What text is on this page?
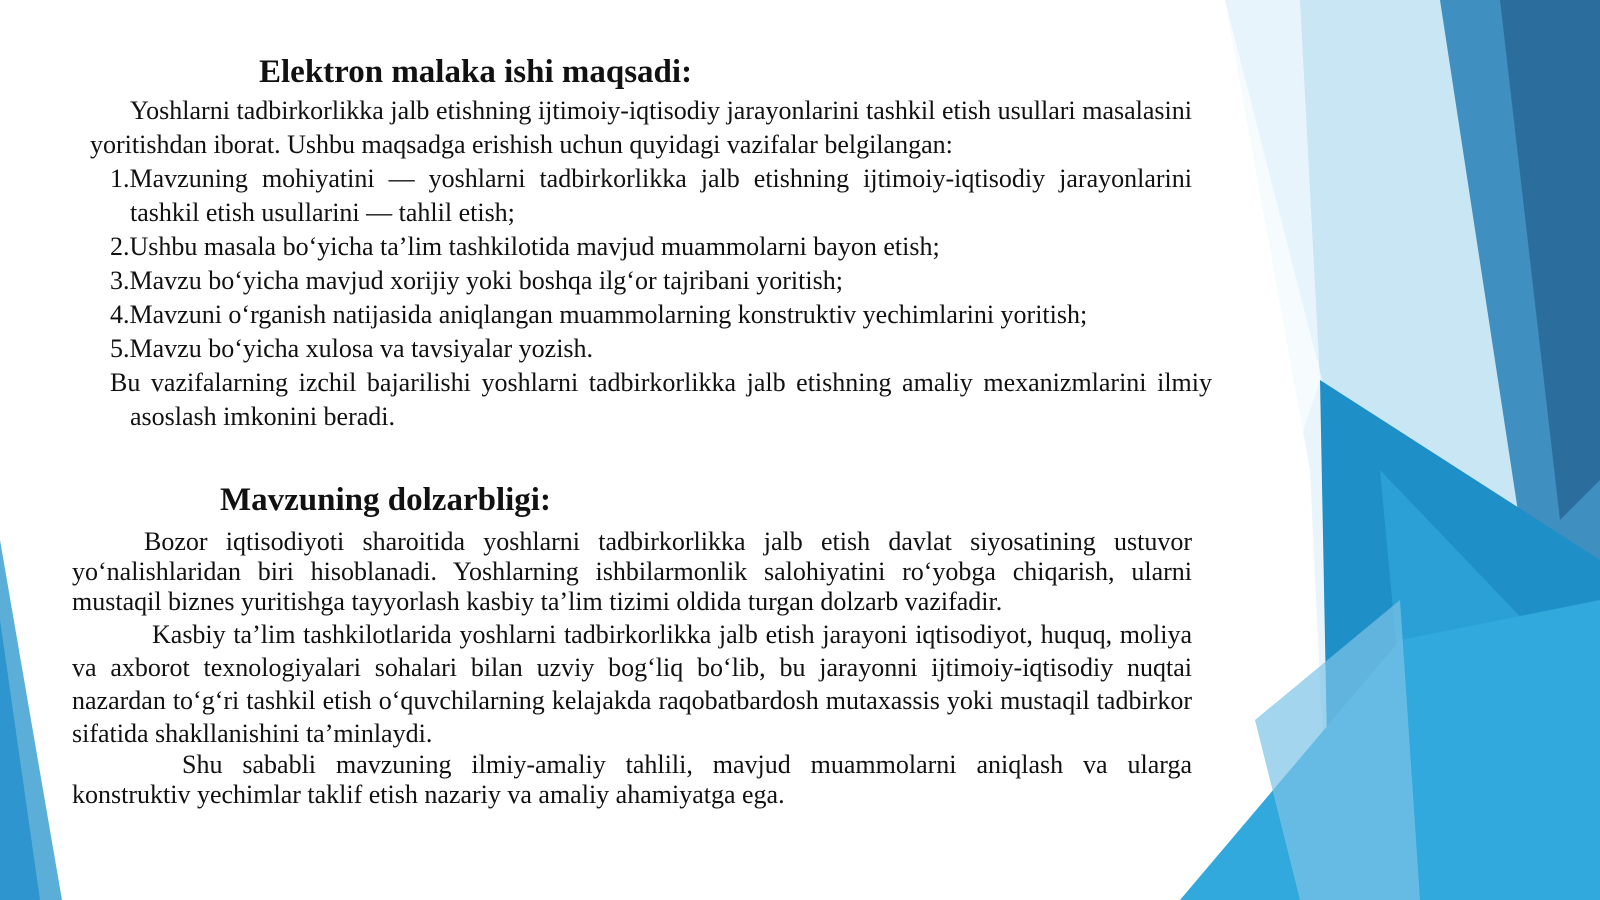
Elektron malaka ishi maqsadi:

Yoshlarni tadbirkorlikka jalb etishning ijtimoiy-iqtisodiy jarayonlarini tashkil etish usullari masalasini yoritishdan iborat. Ushbu maqsadga erishish uchun quyidagi vazifalar belgilangan:

1.Mavzuning mohiyatini — yoshlarni tadbirkorlikka jalb etishning ijtimoiy-iqtisodiy jarayonlarini tashkil etish usullarini — tahlil etish;
2.Ushbu masala bo‘yicha ta’lim tashkilotida mavjud muammolarni bayon etish;
3.Mavzu bo‘yicha mavjud xorijiy yoki boshqa ilg‘or tajribani yoritish;
4.Mavzuni o‘rganish natijasida aniqlangan muammolarning konstruktiv yechimlarini yoritish;
5.Mavzu bo‘yicha xulosa va tavsiyalar yozish.

Bu vazifalarning izchil bajarilishi yoshlarni tadbirkorlikka jalb etishning amaliy mexanizmlarini ilmiy asoslash imkonini beradi.

Mavzuning dolzarbligi:

Bozor iqtisodiyoti sharoitida yoshlarni tadbirkorlikka jalb etish davlat siyosatining ustuvor yo‘nalishlaridan biri hisoblanadi. Yoshlarning ishbilarmonlik salohiyatini ro‘yobga chiqarish, ularni mustaqil biznes yuritishga tayyorlash kasbiy ta’lim tizimi oldida turgan dolzarb vazifadir.

Kasbiy ta’lim tashkilotlarida yoshlarni tadbirkorlikka jalb etish jarayoni iqtisodiyot, huquq, moliya va axborot texnologiyalari sohalari bilan uzviy bog‘liq bo‘lib, bu jarayonni ijtimoiy-iqtisodiy nuqtai nazardan to‘g‘ri tashkil etish o‘quvchilarning kelajakda raqobatbardosh mutaxassis yoki mustaqil tadbirkor sifatida shakllanishini ta’minlaydi.

Shu sababli mavzuning ilmiy-amaliy tahlili, mavjud muammolarni aniqlash va ularga konstruktiv yechimlar taklif etish nazariy va amaliy ahamiyatga ega.
